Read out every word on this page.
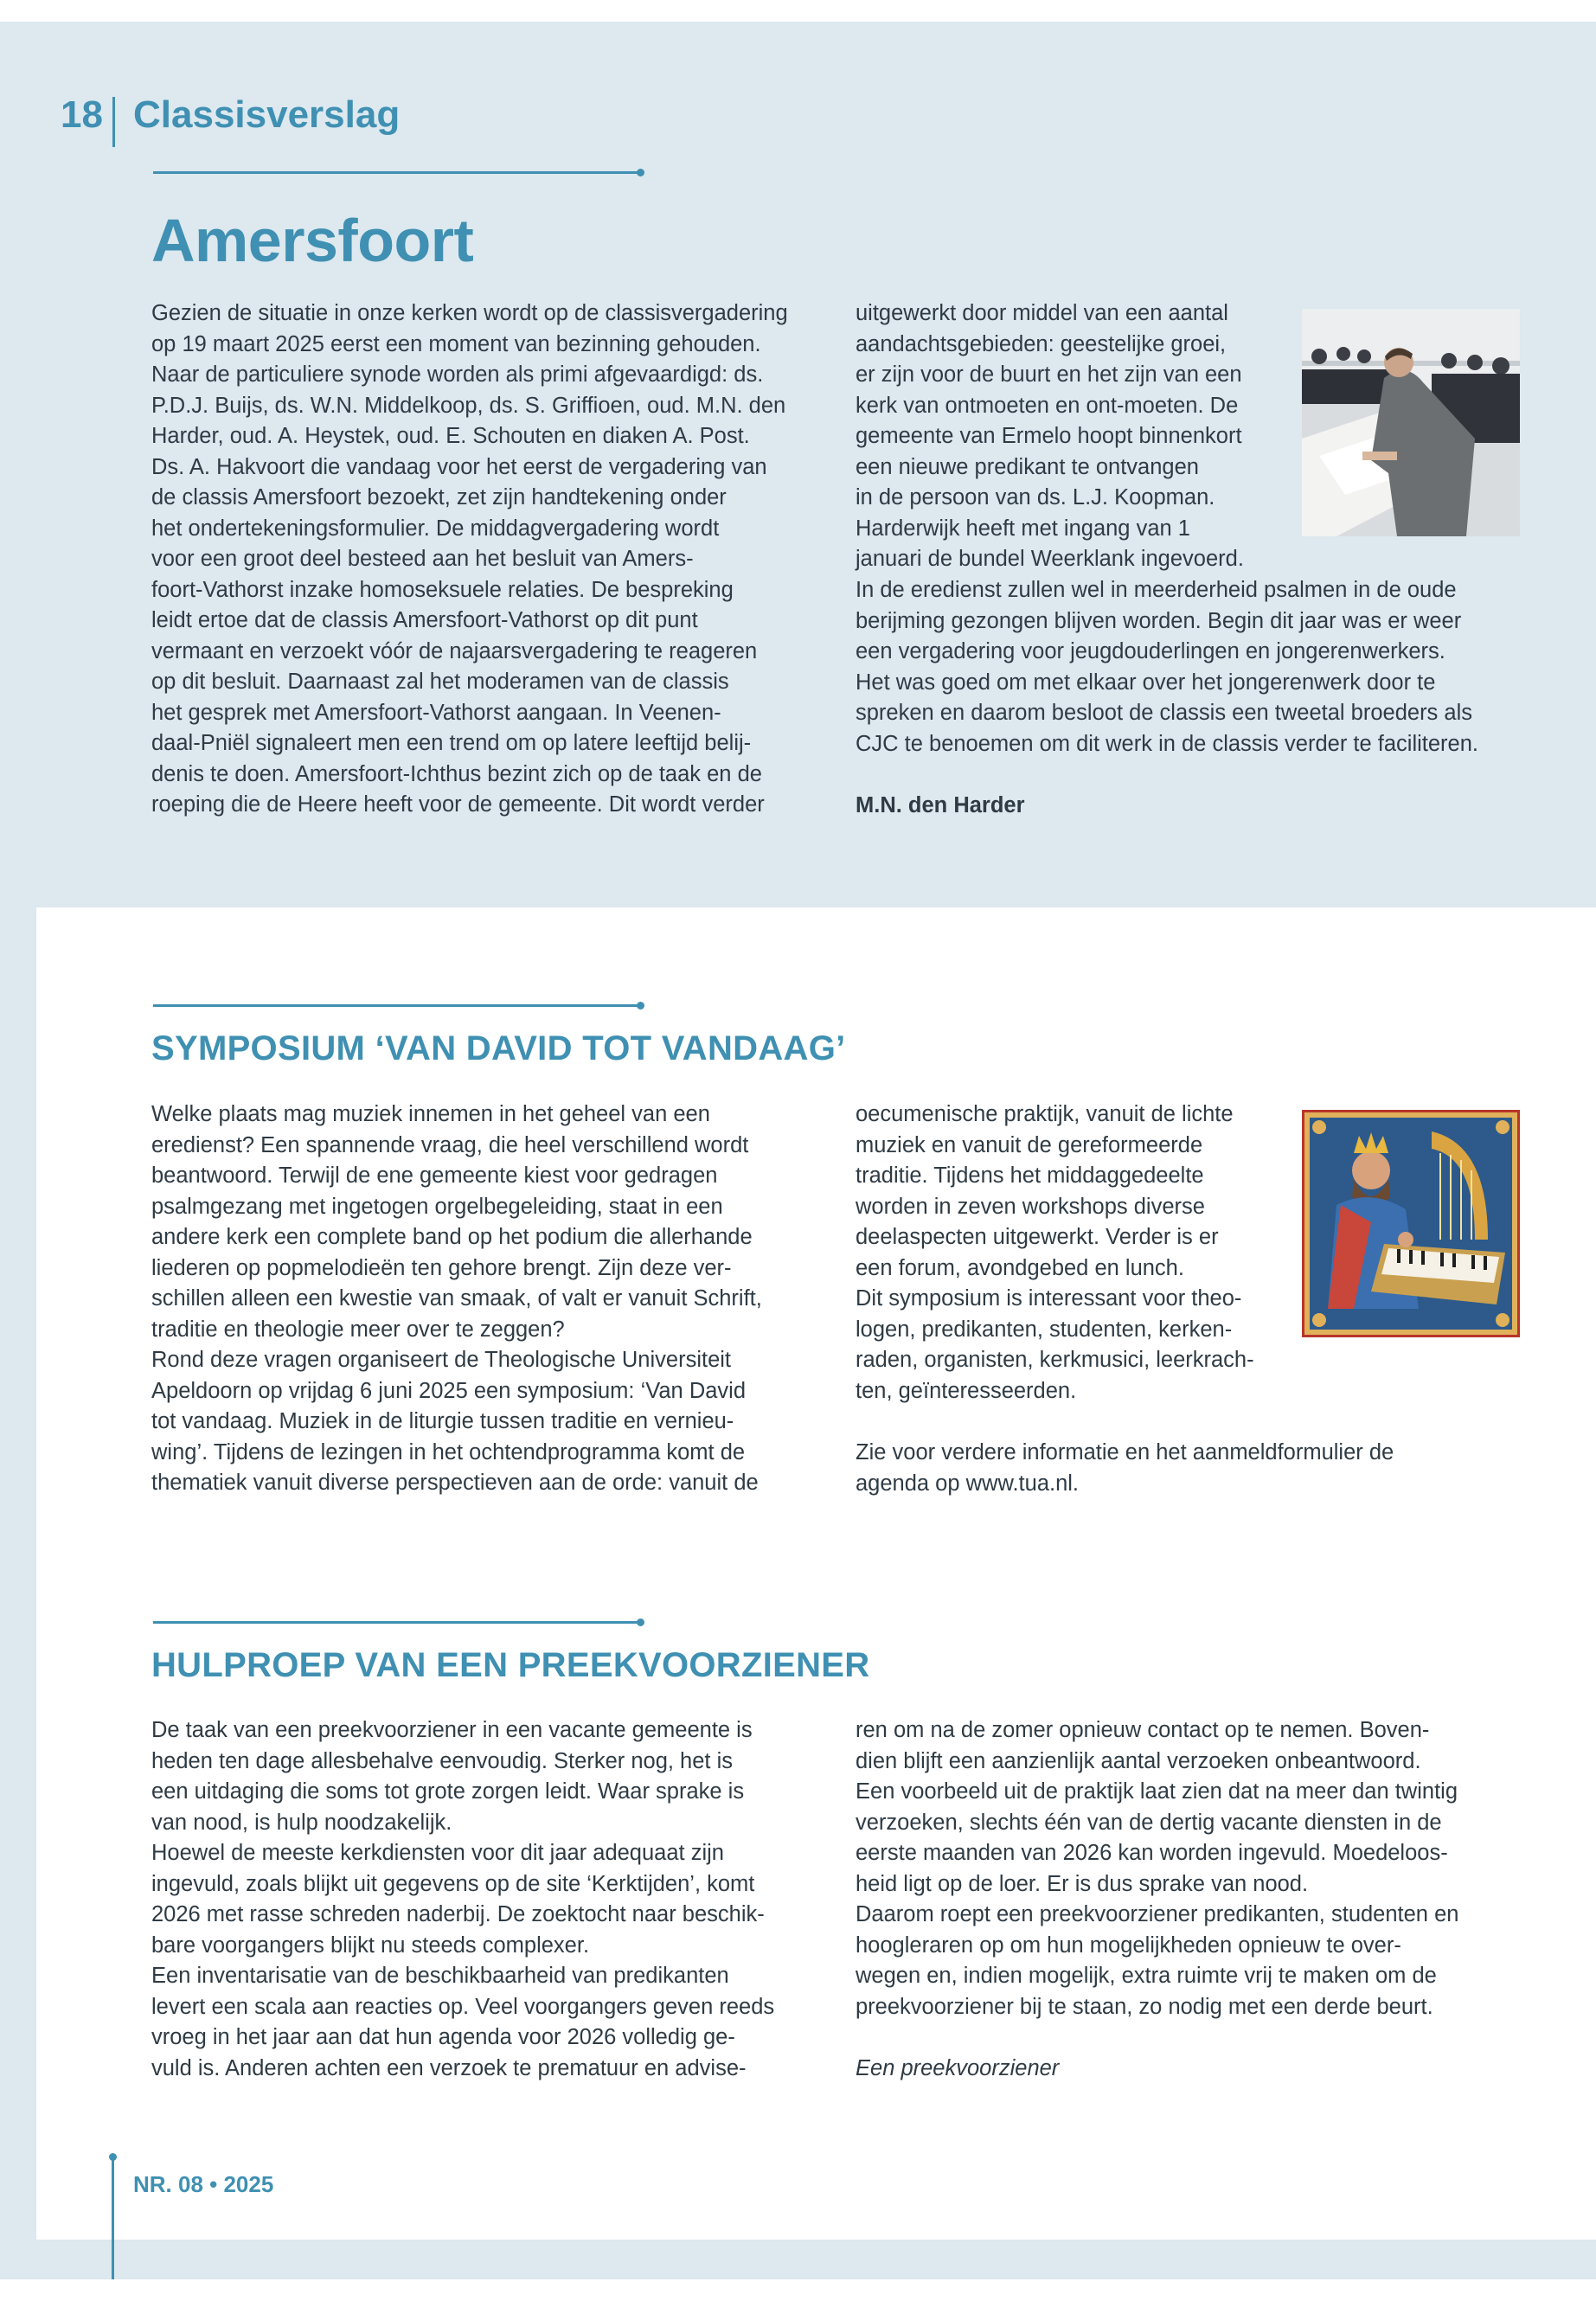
18 Classisverslag
Amersfoort
Gezien de situatie in onze kerken wordt op de classisvergadering
op 19 maart 2025 eerst een moment van bezinning gehouden.
Naar de particuliere synode worden als primi afgevaardigd: ds.
P.D.J. Buijs, ds. W.N. Middelkoop, ds. S. Griffioen, oud. M.N. den
Harder, oud. A. Heystek, oud. E. Schouten en diaken A. Post.
Ds. A. Hakvoort die vandaag voor het eerst de vergadering van
de classis Amersfoort bezoekt, zet zijn handtekening onder
het ondertekeningsformulier. De middagvergadering wordt
voor een groot deel besteed aan het besluit van Amers-
foort-Vathorst inzake homoseksuele relaties. De bespreking
leidt ertoe dat de classis Amersfoort-Vathorst op dit punt
vermaant en verzoekt vóór de najaarsvergadering te reageren
op dit besluit. Daarnaast zal het moderamen van de classis
het gesprek met Amersfoort-Vathorst aangaan. In Veenen-
daal-Pniël signaleert men een trend om op latere leeftijd belij-
denis te doen. Amersfoort-Ichthus bezint zich op de taak en de
roeping die de Heere heeft voor de gemeente. Dit wordt verder
uitgewerkt door middel van een aantal
aandachtsgebieden: geestelijke groei,
er zijn voor de buurt en het zijn van een
kerk van ontmoeten en ont-moeten. De
gemeente van Ermelo hoopt binnenkort
een nieuwe predikant te ontvangen
in de persoon van ds. L.J. Koopman.
Harderwijk heeft met ingang van 1
januari de bundel Weerklank ingevoerd.
In de eredienst zullen wel in meerderheid psalmen in de oude
berijming gezongen blijven worden. Begin dit jaar was er weer
een vergadering voor jeugdouderlingen en jongerenwerkers.
Het was goed om met elkaar over het jongerenwerk door te
spreken en daarom besloot de classis een tweetal broeders als
CJC te benoemen om dit werk in de classis verder te faciliteren.
M.N. den Harder
SYMPOSIUM ‘VAN DAVID TOT VANDAAG’
Welke plaats mag muziek innemen in het geheel van een
eredienst? Een spannende vraag, die heel verschillend wordt
beantwoord. Terwijl de ene gemeente kiest voor gedragen
psalmgezang met ingetogen orgelbegeleiding, staat in een
andere kerk een complete band op het podium die allerhande
liederen op popmelodieën ten gehore brengt. Zijn deze ver-
schillen alleen een kwestie van smaak, of valt er vanuit Schrift,
traditie en theologie meer over te zeggen?
Rond deze vragen organiseert de Theologische Universiteit
Apeldoorn op vrijdag 6 juni 2025 een symposium: ‘Van David
tot vandaag. Muziek in de liturgie tussen traditie en vernieu-
wing’. Tijdens de lezingen in het ochtendprogramma komt de
thematiek vanuit diverse perspectieven aan de orde: vanuit de
oecumenische praktijk, vanuit de lichte
muziek en vanuit de gereformeerde
traditie. Tijdens het middaggedeelte
worden in zeven workshops diverse
deelaspecten uitgewerkt. Verder is er
een forum, avondgebed en lunch.
Dit symposium is interessant voor theo-
logen, predikanten, studenten, kerken-
raden, organisten, kerkmusici, leerkrach-
ten, geïnteresseerden.
Zie voor verdere informatie en het aanmeldformulier de
agenda op www.tua.nl.
HULPROEP VAN EEN PREEKVOORZIENER
De taak van een preekvoorziener in een vacante gemeente is
heden ten dage allesbehalve eenvoudig. Sterker nog, het is
een uitdaging die soms tot grote zorgen leidt. Waar sprake is
van nood, is hulp noodzakelijk.
Hoewel de meeste kerkdiensten voor dit jaar adequaat zijn
ingevuld, zoals blijkt uit gegevens op de site ‘Kerktijden’, komt
2026 met rasse schreden naderbij. De zoektocht naar beschik-
bare voorgangers blijkt nu steeds complexer.
Een inventarisatie van de beschikbaarheid van predikanten
levert een scala aan reacties op. Veel voorgangers geven reeds
vroeg in het jaar aan dat hun agenda voor 2026 volledig ge-
vuld is. Anderen achten een verzoek te prematuur en advise-
ren om na de zomer opnieuw contact op te nemen. Boven-
dien blijft een aanzienlijk aantal verzoeken onbeantwoord.
Een voorbeeld uit de praktijk laat zien dat na meer dan twintig
verzoeken, slechts één van de dertig vacante diensten in de
eerste maanden van 2026 kan worden ingevuld. Moedeloos-
heid ligt op de loer. Er is dus sprake van nood.
Daarom roept een preekvoorziener predikanten, studenten en
hoogleraren op om hun mogelijkheden opnieuw te over-
wegen en, indien mogelijk, extra ruimte vrij te maken om de
preekvoorziener bij te staan, zo nodig met een derde beurt.
Een preekvoorziener
NR. 08 • 2025
